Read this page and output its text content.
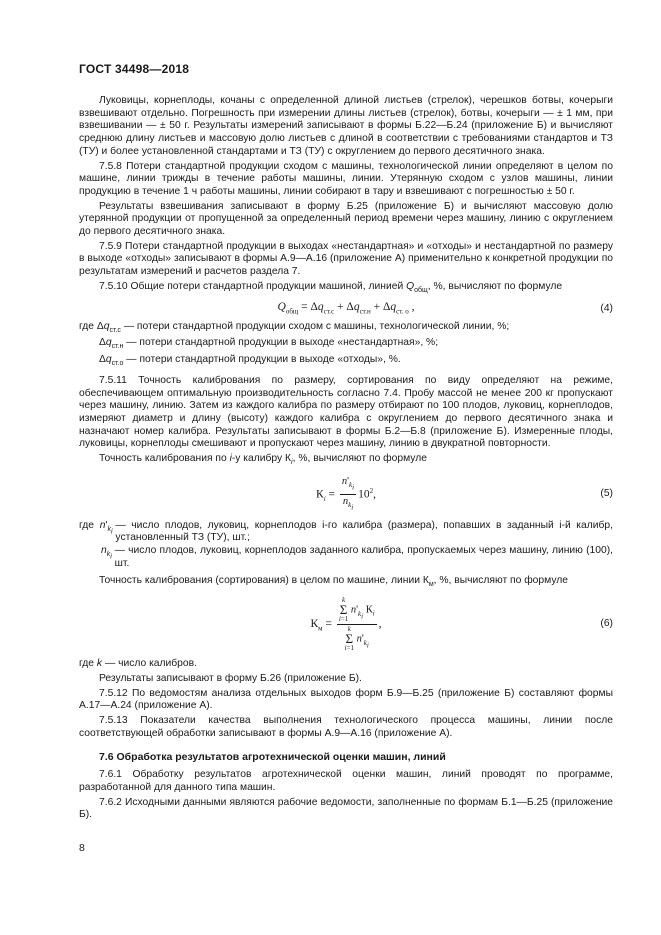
ГОСТ 34498—2018

Луковицы, корнеплоды, кочаны с определенной длиной листьев (стрелок), черешков ботвы, кочерыги взвешивают отдельно. Погрешность при измерении длины листьев (стрелок), ботвы, кочерыги — ± 1 мм, при взвешивании — ± 50 г. Результаты измерений записывают в формы Б.22—Б.24 (приложение Б) и вычисляют среднюю длину листьев и массовую долю листьев с длиной в соответствии с требованиями стандартов и ТЗ (ТУ) и более установленной стандартами и ТЗ (ТУ) с округлением до первого десятичного знака.

7.5.8 Потери стандартной продукции сходом с машины, технологической линии определяют в целом по машине, линии трижды в течение работы машины, линии. Утерянную сходом с узлов машины, линии продукцию в течение 1 ч работы машины, линии собирают в тару и взвешивают с погрешностью ± 50 г.

Результаты взвешивания записывают в форму Б.25 (приложение Б) и вычисляют массовую долю утерянной продукции от пропущенной за определенный период времени через машину, линию с округлением до первого десятичного знака.

7.5.9 Потери стандартной продукции в выходах «нестандартная» и «отходы» и нестандартной по размеру в выходе «отходы» записывают в формы А.9—А.16 (приложение А) применительно к конкретной продукции по результатам измерений и расчетов раздела 7.

7.5.10 Общие потери стандартной продукции машиной, линией $Q_{общ}$, %, вычисляют по формуле

$Q_{общ} = \Delta q_{ст.с} + \Delta q_{ст.н} + \Delta q_{ст. о}$ ,	(4)
где $\Delta q_{ст.с}$ — потери стандартной продукции сходом с машины, технологической линии, %;
$\Delta q_{ст.н}$ — потери стандартной продукции в выходе «нестандартная», %;
$\Delta q_{ст.о}$ — потери стандартной продукции в выходе «отходы», %.

7.5.11 Точность калибрования по размеру, сортирования по виду определяют на режиме, обеспечивающем оптимальную производительность согласно 7.4. Пробу массой не менее 200 кг пропускают через машину, линию. Затем из каждого калибра по размеру отбирают по 100 плодов, луковиц, корнеплодов, измеряют диаметр и длину (высоту) каждого калибра с округлением до первого десятичного знака и назначают номер калибра. Результаты записывают в формы Б.2—Б.8 (приложение Б). Измеренные плоды, луковицы, корнеплоды смешивают и пропускают через машину, линию в двукратной повторности.

Точность калибрования по i-у калибру $К_i$, %, вычисляют по формуле

$К_i = \frac{n'_{k_i}}{n_{k_i}} 10^2$,	(5)
где $n'_{k_i}$
— число плодов, луковиц, корнеплодов i-го калибра (размера), попавших в заданный i-й калибр, установленный ТЗ (ТУ), шт.;
$n_{k_i}$
— число плодов, луковиц, корнеплодов заданного калибра, пропускаемых через машину, линию (100), шт.

Точность калибрования (сортирования) в целом по машине, линии $К_м$, %, вычисляют по формуле

$К_м = k$
Σ
i=1
$n'_{k_i}$ $К_i$
k
Σ
i=1
$n'_{k_i}$ ,	(6)

где k — число калибров.

Результаты записывают в форму Б.26 (приложение Б).

7.5.12 По ведомостям анализа отдельных выходов форм Б.9—Б.25 (приложение Б) составляют формы А.17—А.24 (приложение А).

7.5.13 Показатели качества выполнения технологического процесса машины, линии после соответствующей обработки записывают в формы А.9—А.16 (приложение А).

7.6 Обработка результатов агротехнической оценки машин, линий

7.6.1 Обработку результатов агротехнической оценки машин, линий проводят по программе, разработанной для данного типа машин.

7.6.2 Исходными данными являются рабочие ведомости, заполненные по формам Б.1—Б.25 (приложение Б).

8
